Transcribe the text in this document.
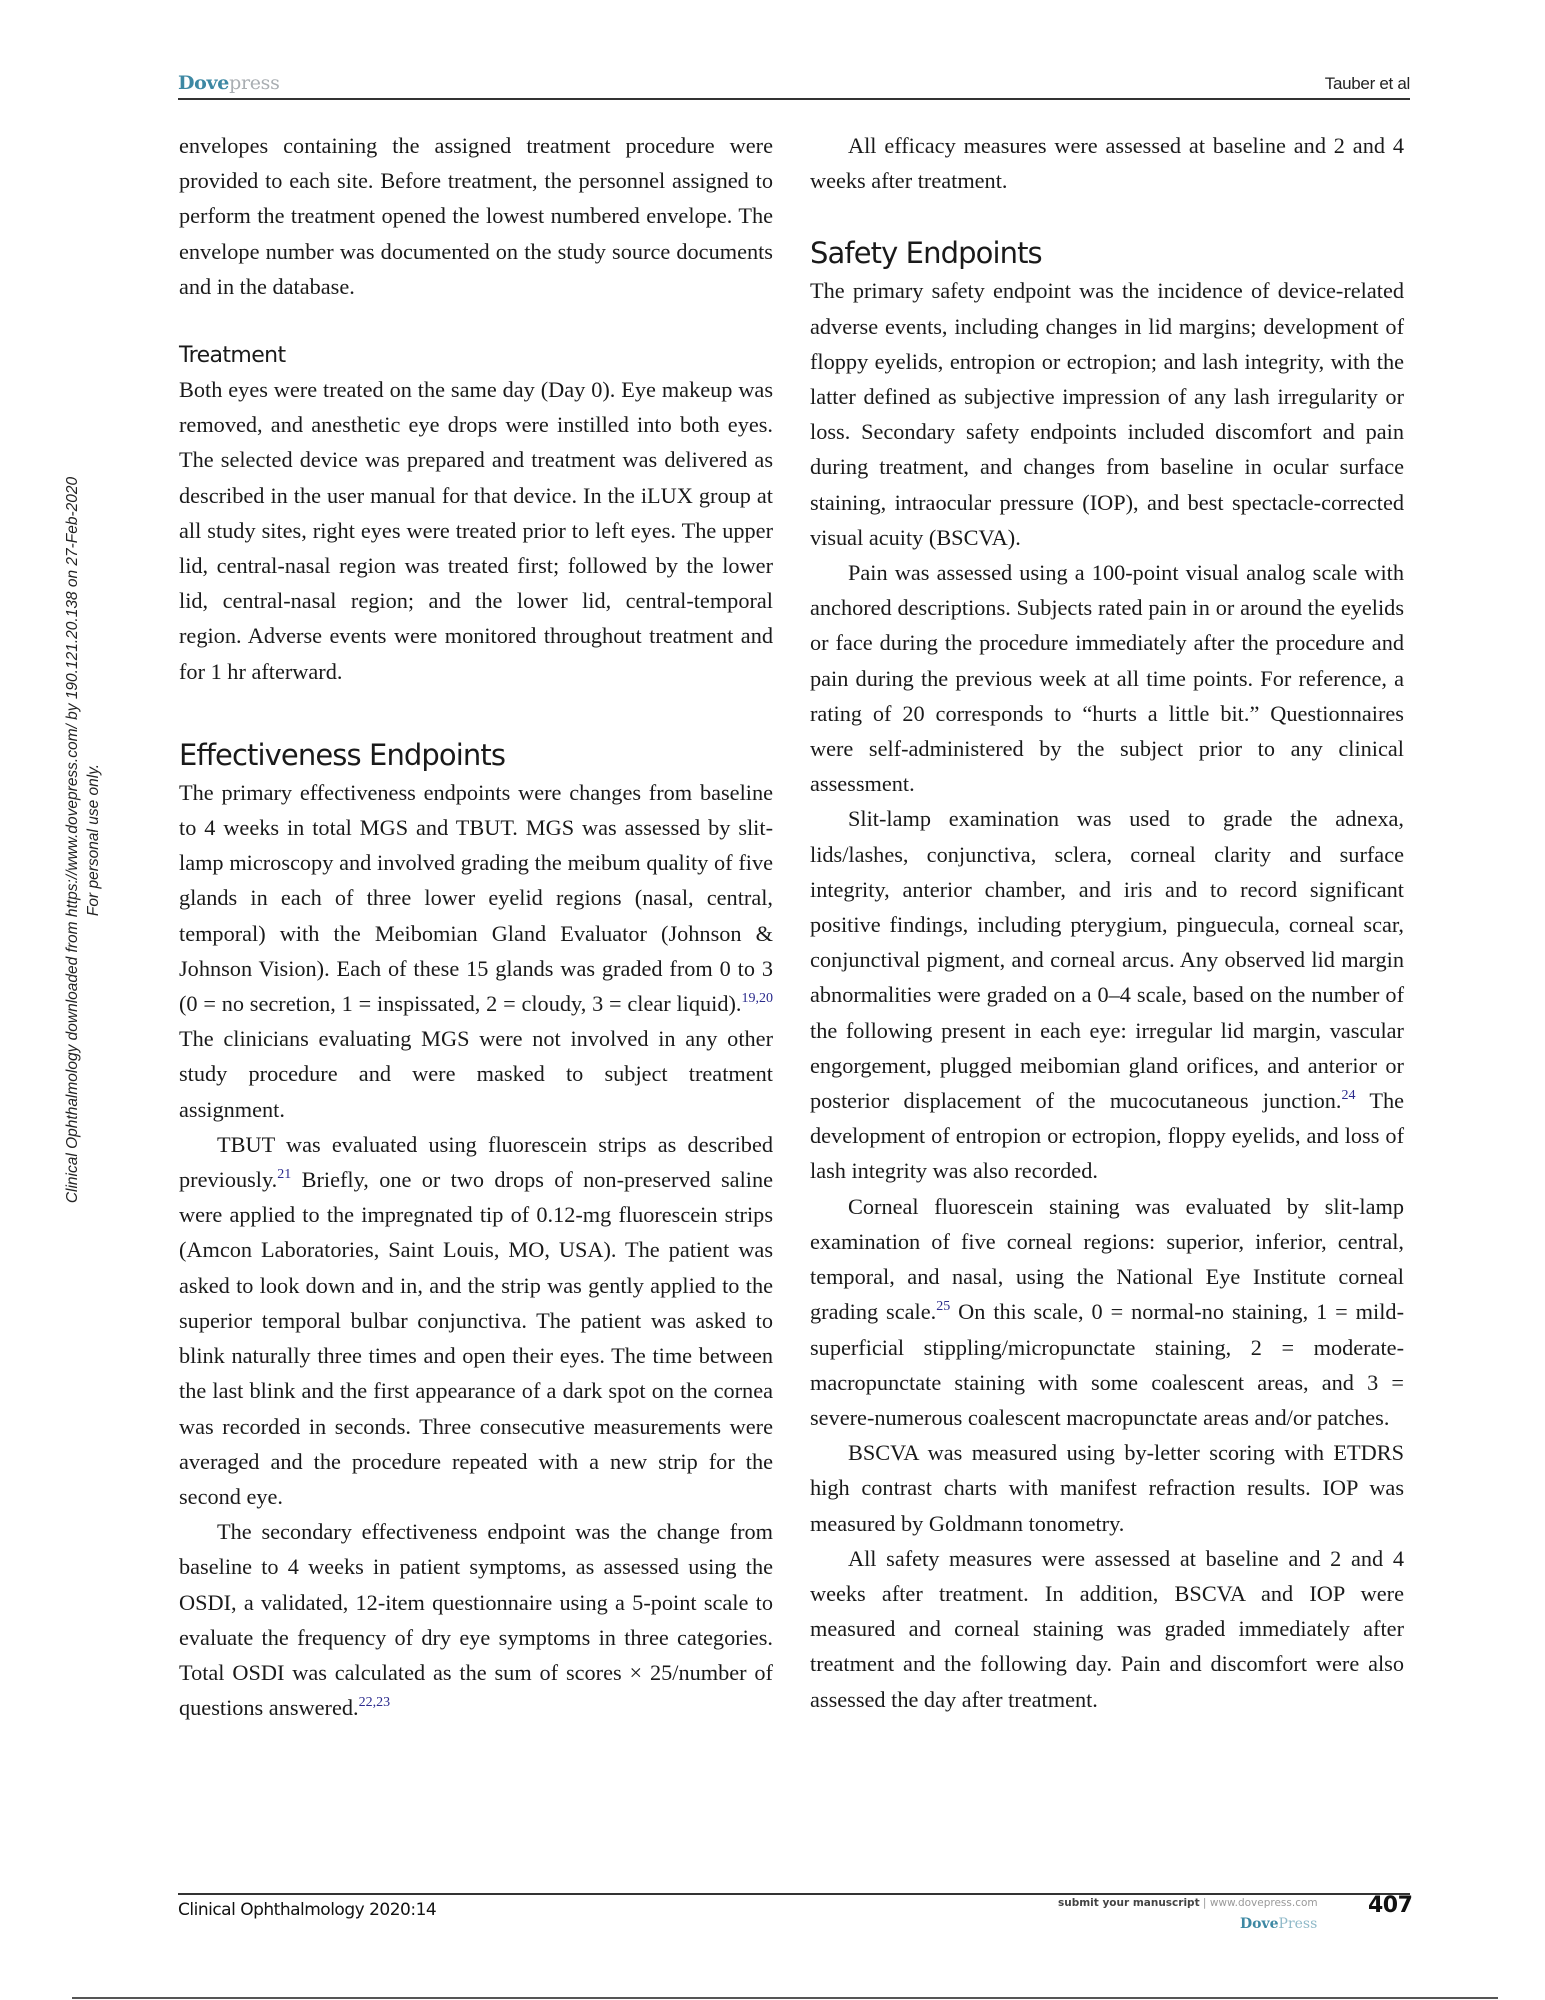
Dovepress	Tauber et al
Clinical Ophthalmology downloaded from https://www.dovepress.com/ by 190.121.20.138 on 27-Feb-2020 For personal use only.

envelopes containing the assigned treatment procedure were provided to each site. Before treatment, the personnel assigned to perform the treatment opened the lowest numbered envelope. The envelope number was documented on the study source documents and in the database.

Treatment

Both eyes were treated on the same day (Day 0). Eye makeup was removed, and anesthetic eye drops were instilled into both eyes. The selected device was prepared and treatment was delivered as described in the user manual for that device. In the iLUX group at all study sites, right eyes were treated prior to left eyes. The upper lid, central-nasal region was treated first; followed by the lower lid, central-nasal region; and the lower lid, central-temporal region. Adverse events were monitored throughout treatment and for 1 hr afterward.

Effectiveness Endpoints

The primary effectiveness endpoints were changes from baseline to 4 weeks in total MGS and TBUT. MGS was assessed by slit-lamp microscopy and involved grading the meibum quality of five glands in each of three lower eyelid regions (nasal, central, temporal) with the Meibomian Gland Evaluator (Johnson & Johnson Vision). Each of these 15 glands was graded from 0 to 3 (0 = no secretion, 1 = inspissated, 2 = cloudy, 3 = clear liquid).$^{19,20}$ The clinicians evaluating MGS were not involved in any other study procedure and were masked to subject treatment assignment.

TBUT was evaluated using fluorescein strips as described previously.$^{21}$ Briefly, one or two drops of non-preserved saline were applied to the impregnated tip of 0.12-mg fluorescein strips (Amcon Laboratories, Saint Louis, MO, USA). The patient was asked to look down and in, and the strip was gently applied to the superior temporal bulbar conjunctiva. The patient was asked to blink naturally three times and open their eyes. The time between the last blink and the first appearance of a dark spot on the cornea was recorded in seconds. Three consecutive measurements were averaged and the procedure repeated with a new strip for the second eye.

The secondary effectiveness endpoint was the change from baseline to 4 weeks in patient symptoms, as assessed using the OSDI, a validated, 12-item questionnaire using a 5-point scale to evaluate the frequency of dry eye symptoms in three categories. Total OSDI was calculated as the sum of scores × 25/number of questions answered.$^{22,23}$

All efficacy measures were assessed at baseline and 2 and 4 weeks after treatment.

Safety Endpoints

The primary safety endpoint was the incidence of device-related adverse events, including changes in lid margins; development of floppy eyelids, entropion or ectropion; and lash integrity, with the latter defined as subjective impression of any lash irregularity or loss. Secondary safety endpoints included discomfort and pain during treatment, and changes from baseline in ocular surface staining, intraocular pressure (IOP), and best spectacle-corrected visual acuity (BSCVA).

Pain was assessed using a 100-point visual analog scale with anchored descriptions. Subjects rated pain in or around the eyelids or face during the procedure immediately after the procedure and pain during the previous week at all time points. For reference, a rating of 20 corresponds to “hurts a little bit.” Questionnaires were self-administered by the subject prior to any clinical assessment.

Slit-lamp examination was used to grade the adnexa, lids/lashes, conjunctiva, sclera, corneal clarity and surface integrity, anterior chamber, and iris and to record significant positive findings, including pterygium, pinguecula, corneal scar, conjunctival pigment, and corneal arcus. Any observed lid margin abnormalities were graded on a 0–4 scale, based on the number of the following present in each eye: irregular lid margin, vascular engorgement, plugged meibomian gland orifices, and anterior or posterior displacement of the mucocutaneous junction.$^{24}$ The development of entropion or ectropion, floppy eyelids, and loss of lash integrity was also recorded.

Corneal fluorescein staining was evaluated by slit-lamp examination of five corneal regions: superior, inferior, central, temporal, and nasal, using the National Eye Institute corneal grading scale.$^{25}$ On this scale, 0 = normal-no staining, 1 = mild-superficial stippling/micropunctate staining, 2 = moderate-macropunctate staining with some coalescent areas, and 3 = severe-numerous coalescent macropunctate areas and/or patches.

BSCVA was measured using by-letter scoring with ETDRS high contrast charts with manifest refraction results. IOP was measured by Goldmann tonometry.

All safety measures were assessed at baseline and 2 and 4 weeks after treatment. In addition, BSCVA and IOP were measured and corneal staining was graded immediately after treatment and the following day. Pain and discomfort were also assessed the day after treatment.

Clinical Ophthalmology 2020:14	submit your manuscript | www.dovepress.com 407
DovePress
